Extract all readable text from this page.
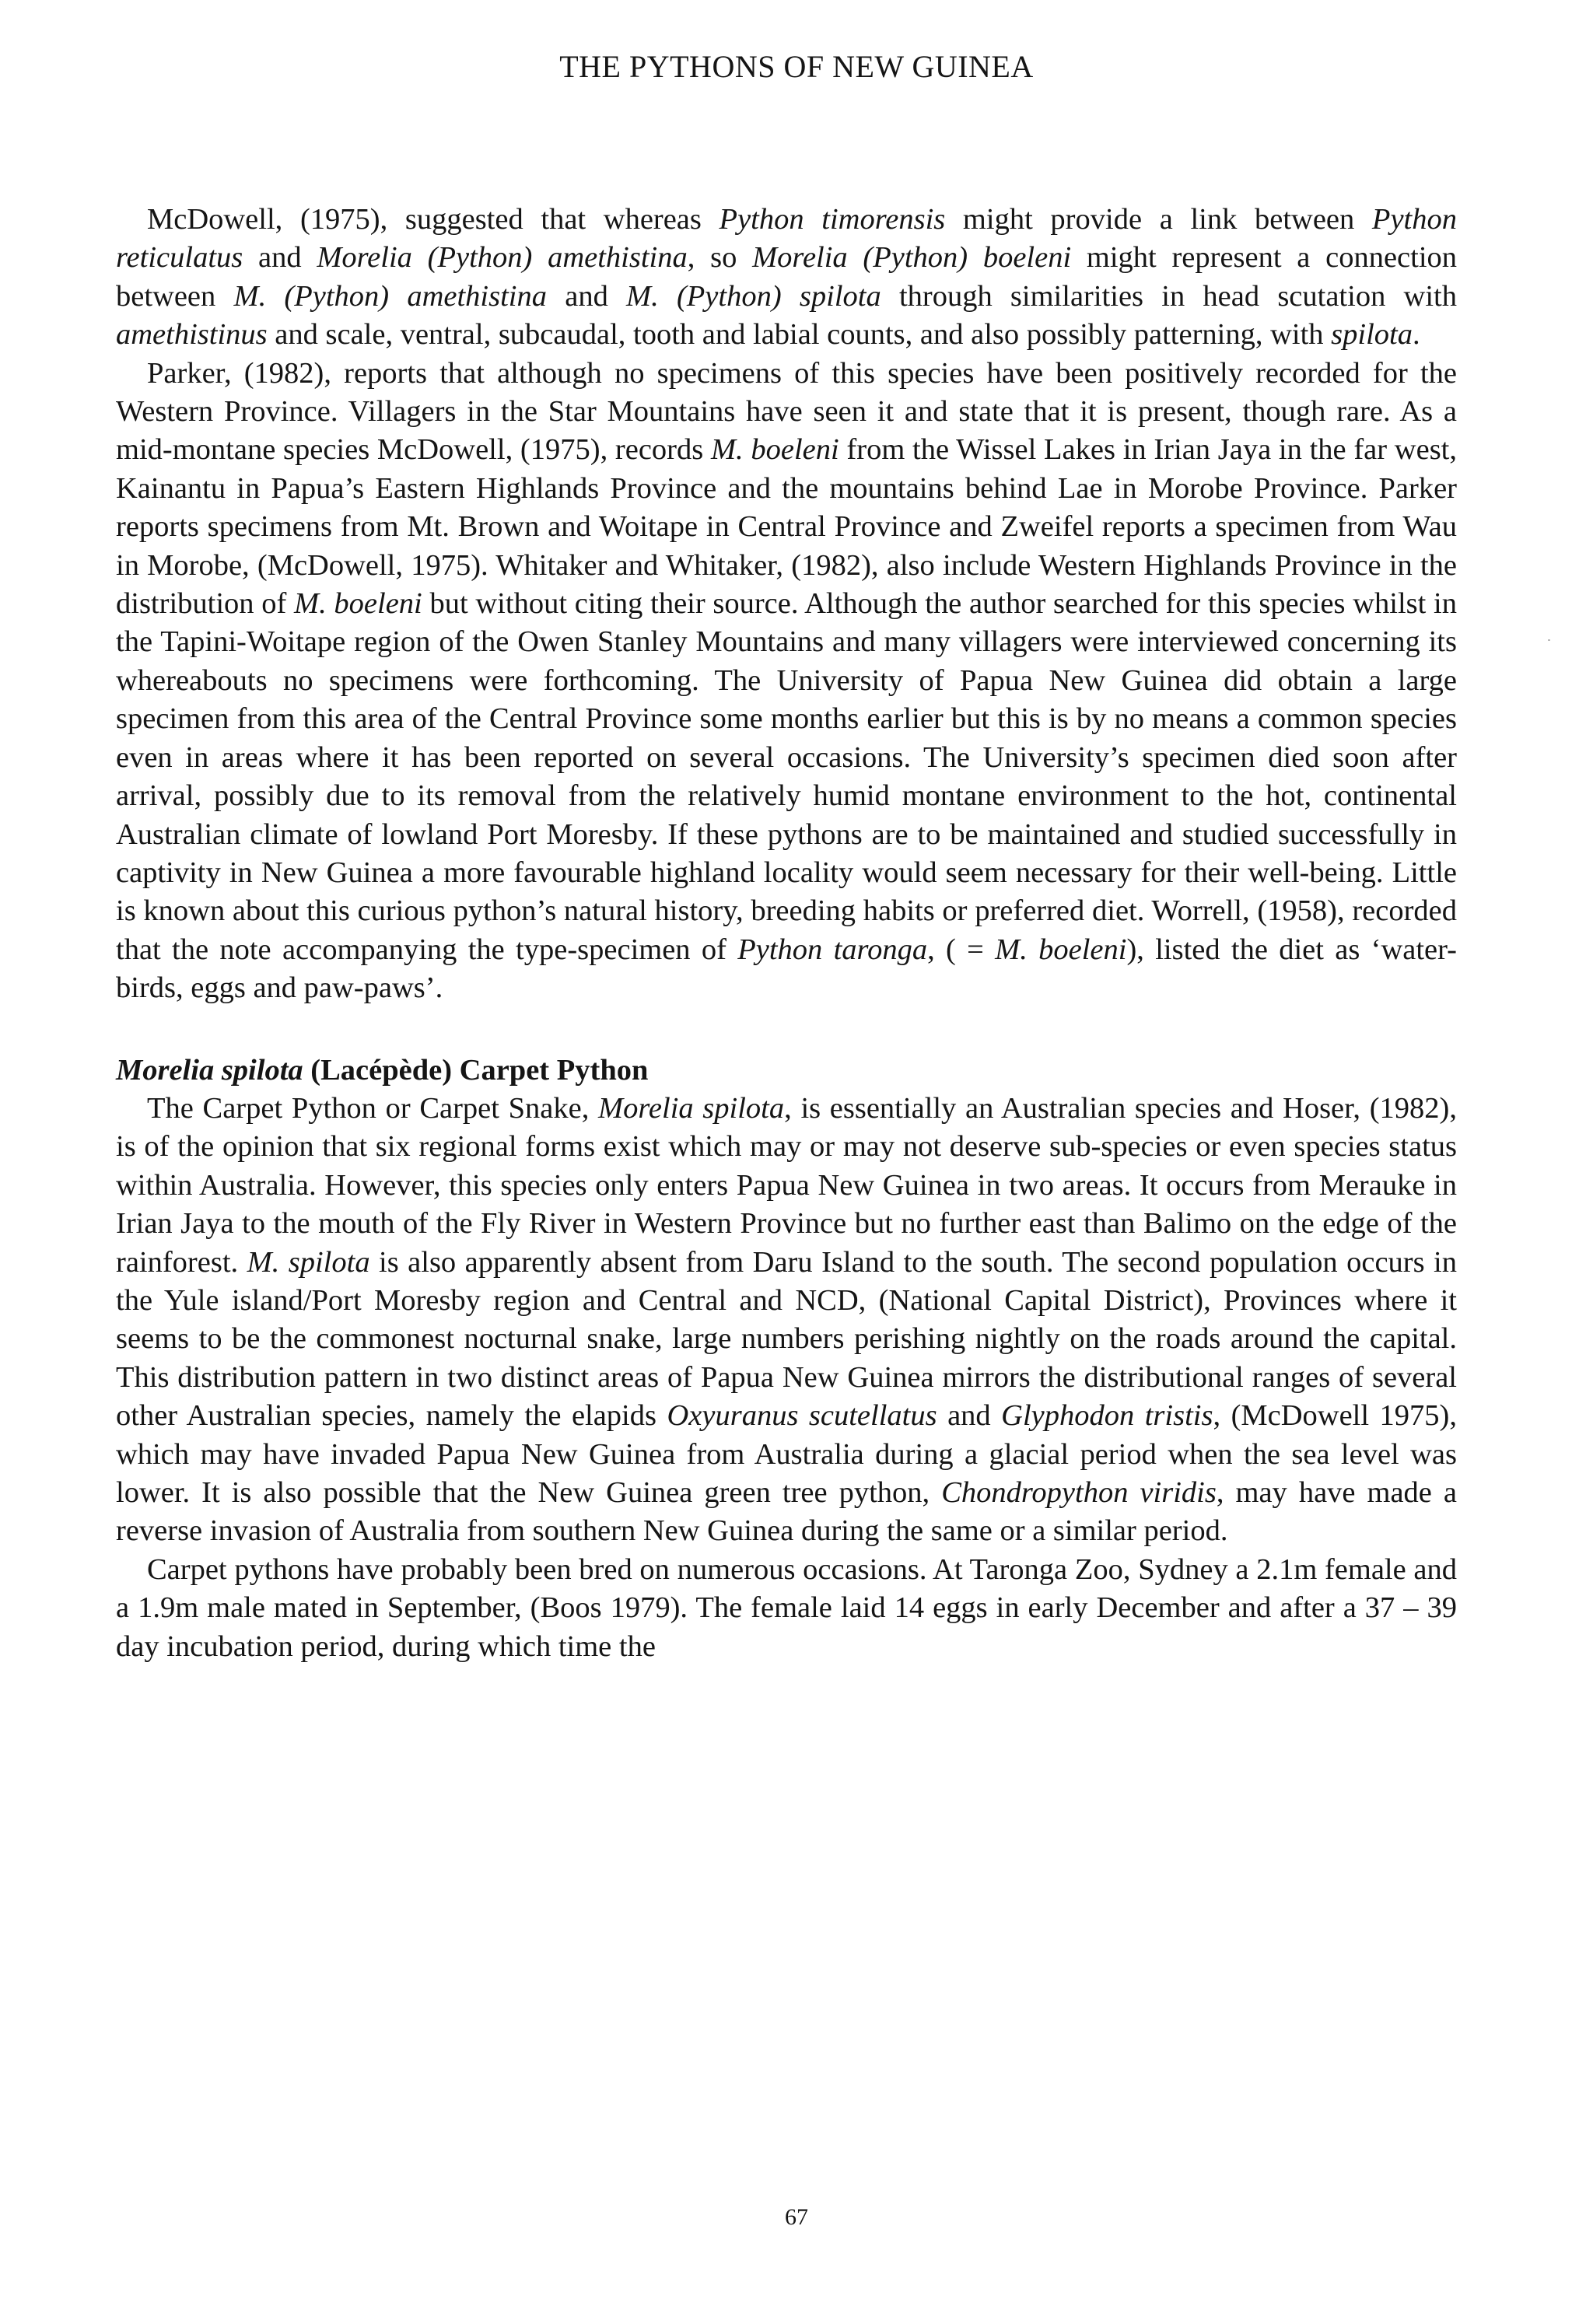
THE PYTHONS OF NEW GUINEA

McDowell, (1975), suggested that whereas Python timorensis might provide a link between Python reticulatus and Morelia (Python) amethistina, so Morelia (Python) boeleni might represent a connection between M. (Python) amethistina and M. (Python) spilota through similarities in head scutation with amethistinus and scale, ventral, subcaudal, tooth and labial counts, and also possibly patterning, with spilota.

Parker, (1982), reports that although no specimens of this species have been positively recorded for the Western Province. Villagers in the Star Mountains have seen it and state that it is present, though rare. As a mid-montane species McDowell, (1975), records M. boeleni from the Wissel Lakes in Irian Jaya in the far west, Kainantu in Papua’s Eastern Highlands Province and the mountains behind Lae in Morobe Province. Parker reports specimens from Mt. Brown and Woitape in Central Province and Zweifel reports a specimen from Wau in Morobe, (McDowell, 1975). Whitaker and Whitaker, (1982), also include Western Highlands Province in the distribution of M. boeleni but without citing their source. Although the author searched for this species whilst in the Tapini-Woitape region of the Owen Stanley Mountains and many villagers were interviewed concerning its whereabouts no specimens were forthcoming. The University of Papua New Guinea did obtain a large specimen from this area of the Central Province some months earlier but this is by no means a common species even in areas where it has been reported on several occasions. The University’s specimen died soon after arrival, possibly due to its removal from the relatively humid montane environment to the hot, continental Australian climate of lowland Port Moresby. If these pythons are to be maintained and studied successfully in captivity in New Guinea a more favourable highland locality would seem necessary for their well-being. Little is known about this curious python’s natural history, breeding habits or preferred diet. Worrell, (1958), recorded that the note accompanying the type-specimen of Python taronga, ( = M. boeleni), listed the diet as ‘water-birds, eggs and paw-paws’.

Morelia spilota (Lacépède) Carpet Python

The Carpet Python or Carpet Snake, Morelia spilota, is essentially an Australian species and Hoser, (1982), is of the opinion that six regional forms exist which may or may not deserve sub-species or even species status within Australia. However, this species only enters Papua New Guinea in two areas. It occurs from Merauke in Irian Jaya to the mouth of the Fly River in Western Province but no further east than Balimo on the edge of the rainforest. M. spilota is also apparently absent from Daru Island to the south. The second population occurs in the Yule island/Port Moresby region and Central and NCD, (National Capital District), Provinces where it seems to be the commonest nocturnal snake, large numbers perishing nightly on the roads around the capital. This distribution pattern in two distinct areas of Papua New Guinea mirrors the distributional ranges of several other Australian species, namely the elapids Oxyuranus scutellatus and Glyphodon tristis, (McDowell 1975), which may have invaded Papua New Guinea from Australia during a glacial period when the sea level was lower. It is also possible that the New Guinea green tree python, Chondropython viridis, may have made a reverse invasion of Australia from southern New Guinea during the same or a similar period.

Carpet pythons have probably been bred on numerous occasions. At Taronga Zoo, Sydney a 2.1m female and a 1.9m male mated in September, (Boos 1979). The female laid 14 eggs in early December and after a 37 – 39 day incubation period, during which time the

67
